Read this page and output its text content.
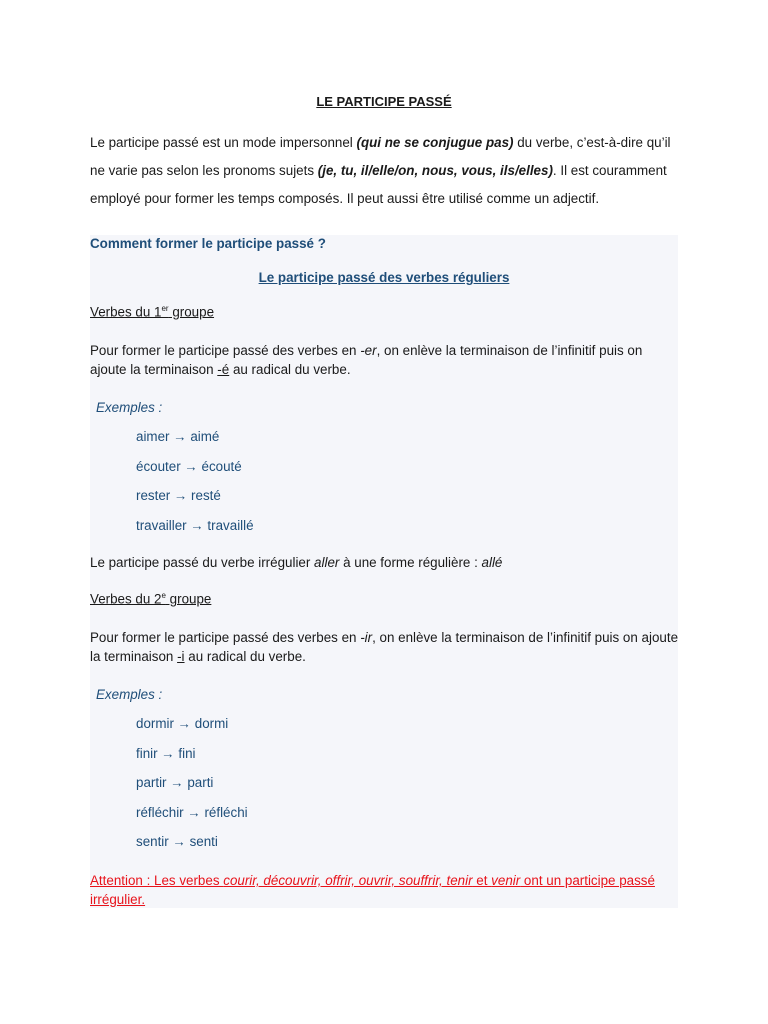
LE PARTICIPE PASSÉ
Le participe passé est un mode impersonnel (qui ne se conjugue pas) du verbe, c’est-à-dire qu’il ne varie pas selon les pronoms sujets (je, tu, il/elle/on, nous, vous, ils/elles). Il est couramment employé pour former les temps composés. Il peut aussi être utilisé comme un adjectif.
Comment former le participe passé ?
Le participe passé des verbes réguliers
Verbes du 1er groupe
Pour former le participe passé des verbes en -er, on enlève la terminaison de l’infinitif puis on ajoute la terminaison -é au radical du verbe.
Exemples :
aimer → aimé
écouter → écouté
rester → resté
travailler → travaillé
Le participe passé du verbe irrégulier aller à une forme régulière : allé
Verbes du 2e groupe
Pour former le participe passé des verbes en -ir, on enlève la terminaison de l’infinitif puis on ajoute la terminaison -i au radical du verbe.
Exemples :
dormir → dormi
finir → fini
partir → parti
réfléchir → réfléchi
sentir → senti
Attention : Les verbes courir, découvrir, offrir, ouvrir, souffrir, tenir et venir ont un participe passé irrégulier.
